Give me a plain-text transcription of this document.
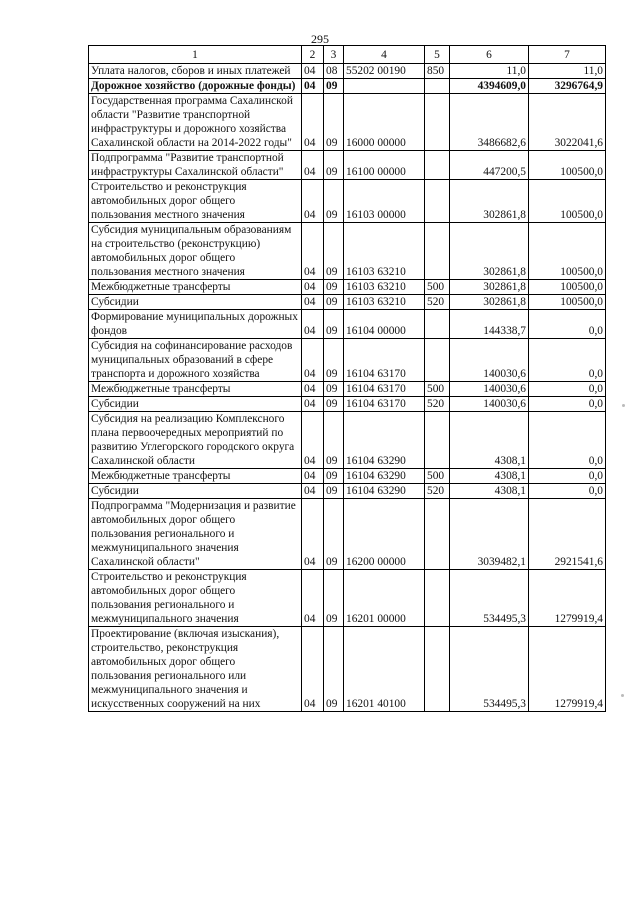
295
1	2	3	4	5	6	7
Уплата налогов, сборов и иных платежей	04	08	55202 00190	850	11,0	11,0
Дорожное хозяйство (дорожные фонды)	04	09			4394609,0	3296764,9
Государственная программа Сахалинской области "Развитие транспортной инфраструктуры и дорожного хозяйства Сахалинской области на 2014-2022 годы"	04	09	16000 00000		3486682,6	3022041,6
Подпрограмма "Развитие транспортной инфраструктуры Сахалинской области"	04	09	16100 00000		447200,5	100500,0
Строительство и реконструкция автомобильных дорог общего пользования местного значения	04	09	16103 00000		302861,8	100500,0
Субсидия муниципальным образованиям на строительство (реконструкцию) автомобильных дорог общего пользования местного значения	04	09	16103 63210		302861,8	100500,0
Межбюджетные трансферты	04	09	16103 63210	500	302861,8	100500,0
Субсидии	04	09	16103 63210	520	302861,8	100500,0
Формирование муниципальных дорожных фондов	04	09	16104 00000		144338,7	0,0
Субсидия на софинансирование расходов муниципальных образований в сфере транспорта и дорожного хозяйства	04	09	16104 63170		140030,6	0,0
Межбюджетные трансферты	04	09	16104 63170	500	140030,6	0,0
Субсидии	04	09	16104 63170	520	140030,6	0,0
Субсидия на реализацию Комплексного плана первоочередных мероприятий по развитию Углегорского городского округа Сахалинской области	04	09	16104 63290		4308,1	0,0
Межбюджетные трансферты	04	09	16104 63290	500	4308,1	0,0
Субсидии	04	09	16104 63290	520	4308,1	0,0
Подпрограмма "Модернизация и развитие автомобильных дорог общего пользования регионального и межмуниципального значения Сахалинской области"	04	09	16200 00000		3039482,1	2921541,6
Строительство и реконструкция автомобильных дорог общего пользования регионального и межмуниципального значения	04	09	16201 00000		534495,3	1279919,4
Проектирование (включая изыскания), строительство, реконструкция автомобильных дорог общего пользования регионального или межмуниципального значения и искусственных сооружений на них	04	09	16201 40100		534495,3	1279919,4
